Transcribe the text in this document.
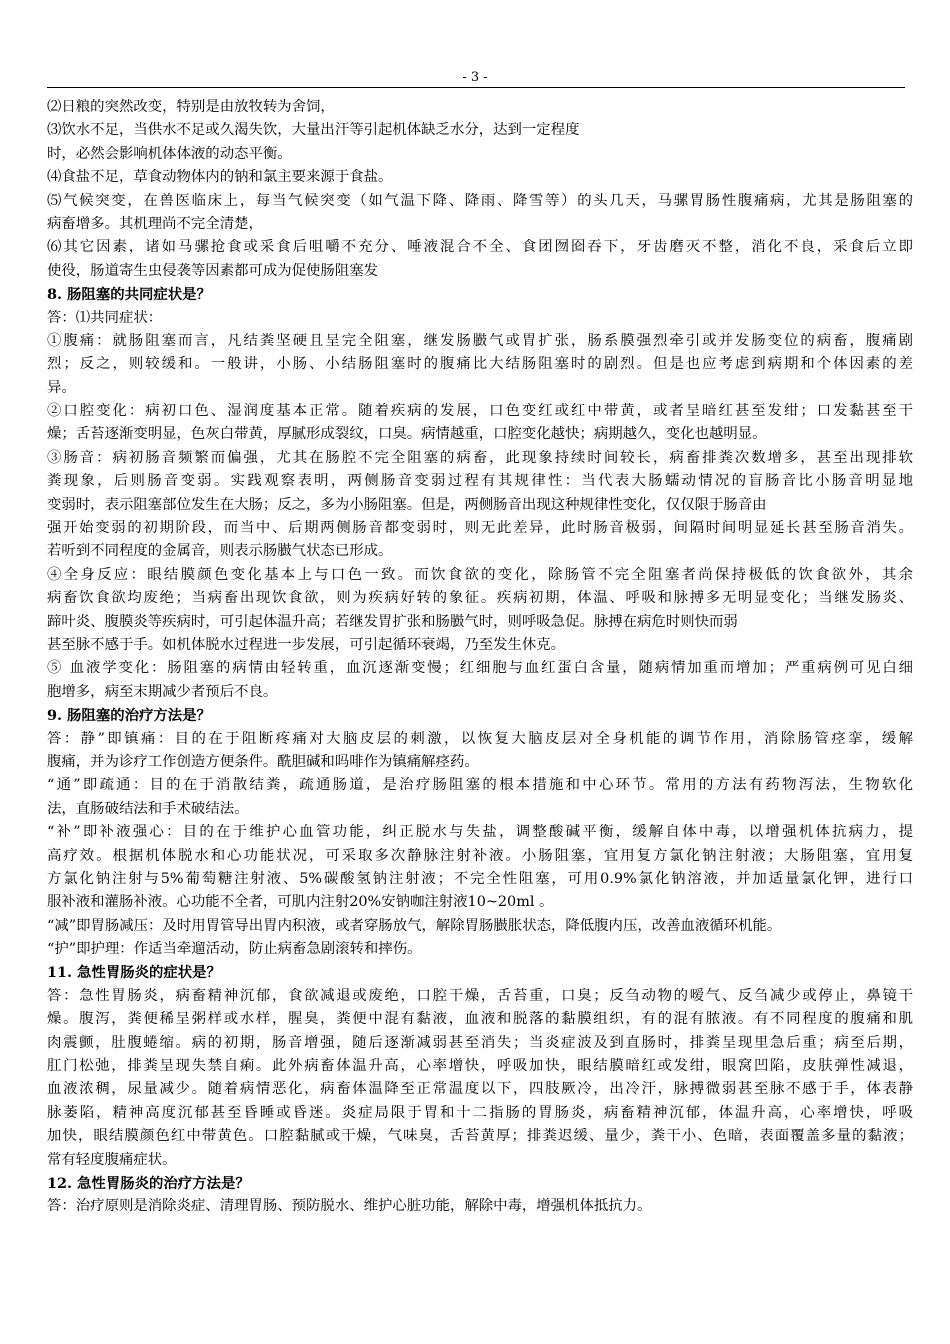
- 3 -
⑵日粮的突然改变，特别是由放牧转为舍饲，
⑶饮水不足，当供水不足或久渴失饮，大量出汗等引起机体缺乏水分，达到一定程度
时，必然会影响机体体液的动态平衡。
⑷食盐不足，草食动物体内的钠和氯主要来源于食盐。
⑸气候突变，在兽医临床上，每当气候突变（如气温下降、降雨、降雪等）的头几天，马骡胃肠性腹痛病，尤其是肠阻塞的
病畜增多。其机理尚不完全清楚，
⑹其它因素，诸如马骡抢食或采食后咀嚼不充分、唾液混合不全、食团囫囵吞下，牙齿磨灭不整，消化不良，采食后立即
使役，肠道寄生虫侵袭等因素都可成为促使肠阻塞发
8. 肠阻塞的共同症状是？
答：⑴共同症状：
①腹痛：就肠阻塞而言，凡结粪坚硬且呈完全阻塞，继发肠臌气或胃扩张，肠系膜强烈牵引或并发肠变位的病畜，腹痛剧
烈；反之，则较缓和。一般讲，小肠、小结肠阻塞时的腹痛比大结肠阻塞时的剧烈。但是也应考虑到病期和个体因素的差
异。
②口腔变化：病初口色、湿润度基本正常。随着疾病的发展，口色变红或红中带黄，或者呈暗红甚至发绀；口发黏甚至干
燥；舌苔逐渐变明显，色灰白带黄，厚腻形成裂纹，口臭。病情越重，口腔变化越快；病期越久，变化也越明显。
③肠音：病初肠音频繁而偏强，尤其在肠腔不完全阻塞的病畜，此现象持续时间较长，病畜排粪次数增多，甚至出现排软
粪现象，后则肠音变弱。实践观察表明，两侧肠音变弱过程有其规律性：当代表大肠蠕动情况的盲肠音比小肠音明显地
变弱时，表示阻塞部位发生在大肠；反之，多为小肠阻塞。但是，两侧肠音出现这种规律性变化，仅仅限于肠音由
强开始变弱的初期阶段，而当中、后期两侧肠音都变弱时，则无此差异，此时肠音极弱，间隔时间明显延长甚至肠音消失。
若听到不同程度的金属音，则表示肠臌气状态已形成。
④全身反应：眼结膜颜色变化基本上与口色一致。而饮食欲的变化，除肠管不完全阻塞者尚保持极低的饮食欲外，其余
病畜饮食欲均废绝；当病畜出现饮食欲，则为疾病好转的象征。疾病初期，体温、呼吸和脉搏多无明显变化；当继发肠炎、
蹄叶炎、腹膜炎等疾病时，可引起体温升高；若继发胃扩张和肠臌气时，则呼吸急促。脉搏在病危时则快而弱
甚至脉不感于手。如机体脱水过程进一步发展，可引起循环衰竭，乃至发生休克。
⑤ 血液学变化：肠阻塞的病情由轻转重，血沉逐渐变慢；红细胞与血红蛋白含量，随病情加重而增加；严重病例可见白细
胞增多，病至末期减少者预后不良。
9. 肠阻塞的治疗方法是？
答：静”即镇痛：目的在于阻断疼痛对大脑皮层的刺激，以恢复大脑皮层对全身机能的调节作用，消除肠管痉挛，缓解
腹痛，并为诊疗工作创造方便条件。酰胆碱和吗啡作为镇痛解痉药。
“通”即疏通：目的在于消散结粪，疏通肠道，是治疗肠阻塞的根本措施和中心环节。常用的方法有药物泻法，生物软化
法，直肠破结法和手术破结法。
“补”即补液强心：目的在于维护心血管功能，纠正脱水与失盐，调整酸碱平衡，缓解自体中毒，以增强机体抗病力，提
高疗效。根据机体脱水和心功能状况，可采取多次静脉注射补液。小肠阻塞，宜用复方氯化钠注射液；大肠阻塞，宜用复
方氯化钠注射与5%葡萄糖注射液、5%碳酸氢钠注射液；不完全性阻塞，可用0.9%氯化钠溶液，并加适量氯化钾，进行口
服补液和灌肠补液。心功能不全者，可肌内注射20%安钠咖注射液10~20ml 。
“减”即胃肠减压：及时用胃管导出胃内积液，或者穿肠放气，解除胃肠臌胀状态，降低腹内压，改善血液循环机能。
“护”即护理：作适当牵遛活动，防止病畜急剧滚转和摔伤。
11. 急性胃肠炎的症状是？
答：急性胃肠炎，病畜精神沉郁，食欲减退或废绝，口腔干燥，舌苔重，口臭；反刍动物的嗳气、反刍减少或停止，鼻镜干
燥。腹泻，粪便稀呈粥样或水样，腥臭，粪便中混有黏液，血液和脱落的黏膜组织，有的混有脓液。有不同程度的腹痛和肌
肉震颤，肚腹蜷缩。病的初期，肠音增强，随后逐渐减弱甚至消失；当炎症波及到直肠时，排粪呈现里急后重；病至后期，
肛门松弛，排粪呈现失禁自痢。此外病畜体温升高，心率增快，呼吸加快，眼结膜暗红或发绀，眼窝凹陷，皮肤弹性减退，
血液浓稠，尿量减少。随着病情恶化，病畜体温降至正常温度以下，四肢厥冷，出冷汗，脉搏微弱甚至脉不感于手，体表静
脉萎陷，精神高度沉郁甚至昏睡或昏迷。炎症局限于胃和十二指肠的胃肠炎，病畜精神沉郁，体温升高，心率增快，呼吸
加快，眼结膜颜色红中带黄色。口腔黏腻或干燥，气味臭，舌苔黄厚；排粪迟缓、量少，粪干小、色暗，表面覆盖多量的黏液；
常有轻度腹痛症状。
12. 急性胃肠炎的治疗方法是？
答：治疗原则是消除炎症、清理胃肠、预防脱水、维护心脏功能，解除中毒，增强机体抵抗力。
